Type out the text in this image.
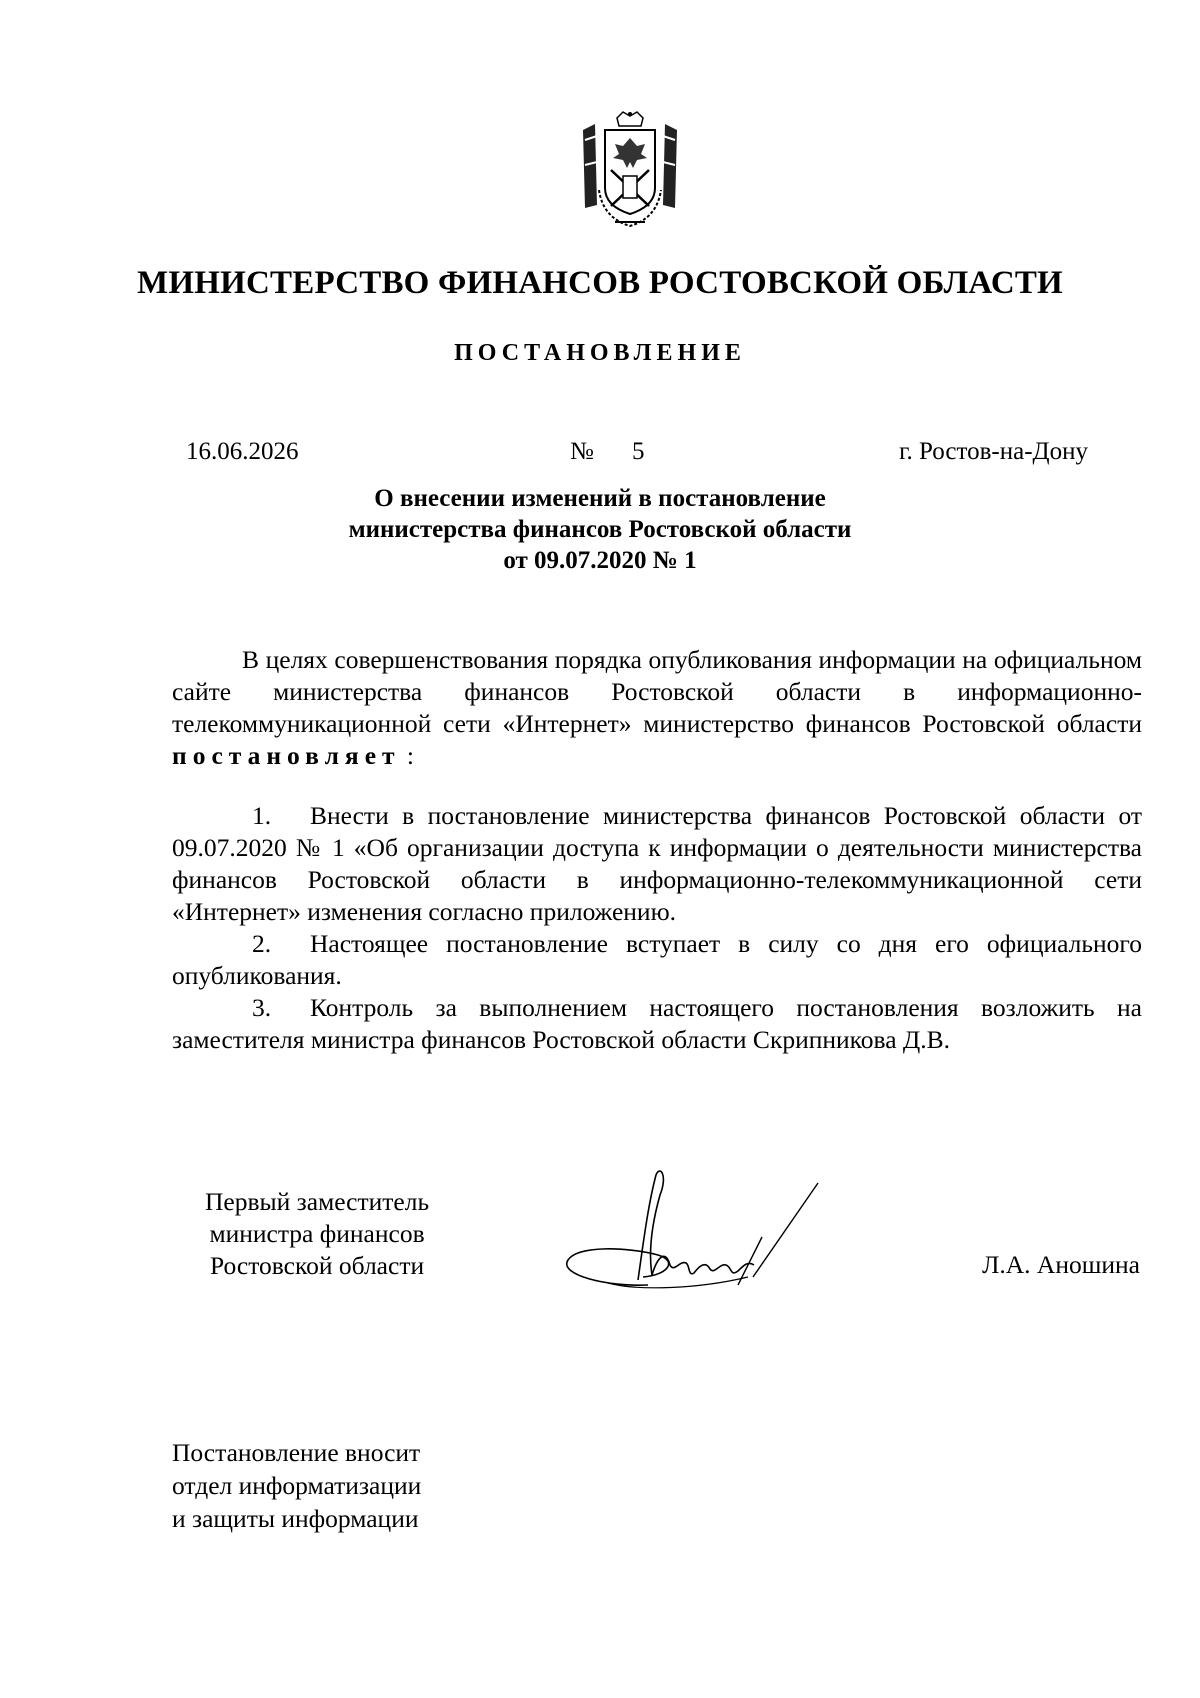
МИНИСТЕРСТВО ФИНАНСОВ РОСТОВСКОЙ ОБЛАСТИ
ПОСТАНОВЛЕНИЕ
16.06.2026	№ 5	г. Ростов-на-Дону
О внесении изменений в постановление
министерства финансов Ростовской области
от 09.07.2020 № 1
В целях совершенствования порядка опубликования информации на официальном сайте министерства финансов Ростовской области в информационно-телекоммуникационной сети «Интернет» министерство финансов Ростовской области постановляет :
1. Внести в постановление министерства финансов Ростовской области от 09.07.2020 № 1 «Об организации доступа к информации о деятельности министерства финансов Ростовской области в информационно-телекоммуникационной сети «Интернет» изменения согласно приложению.
2. Настоящее постановление вступает в силу со дня его официального опубликования.
3. Контроль за выполнением настоящего постановления возложить на заместителя министра финансов Ростовской области Скрипникова Д.В.
Первый заместитель
министра финансов
Ростовской области	Л.А. Аношина
Постановление вносит
отдел информатизации
и защиты информации
